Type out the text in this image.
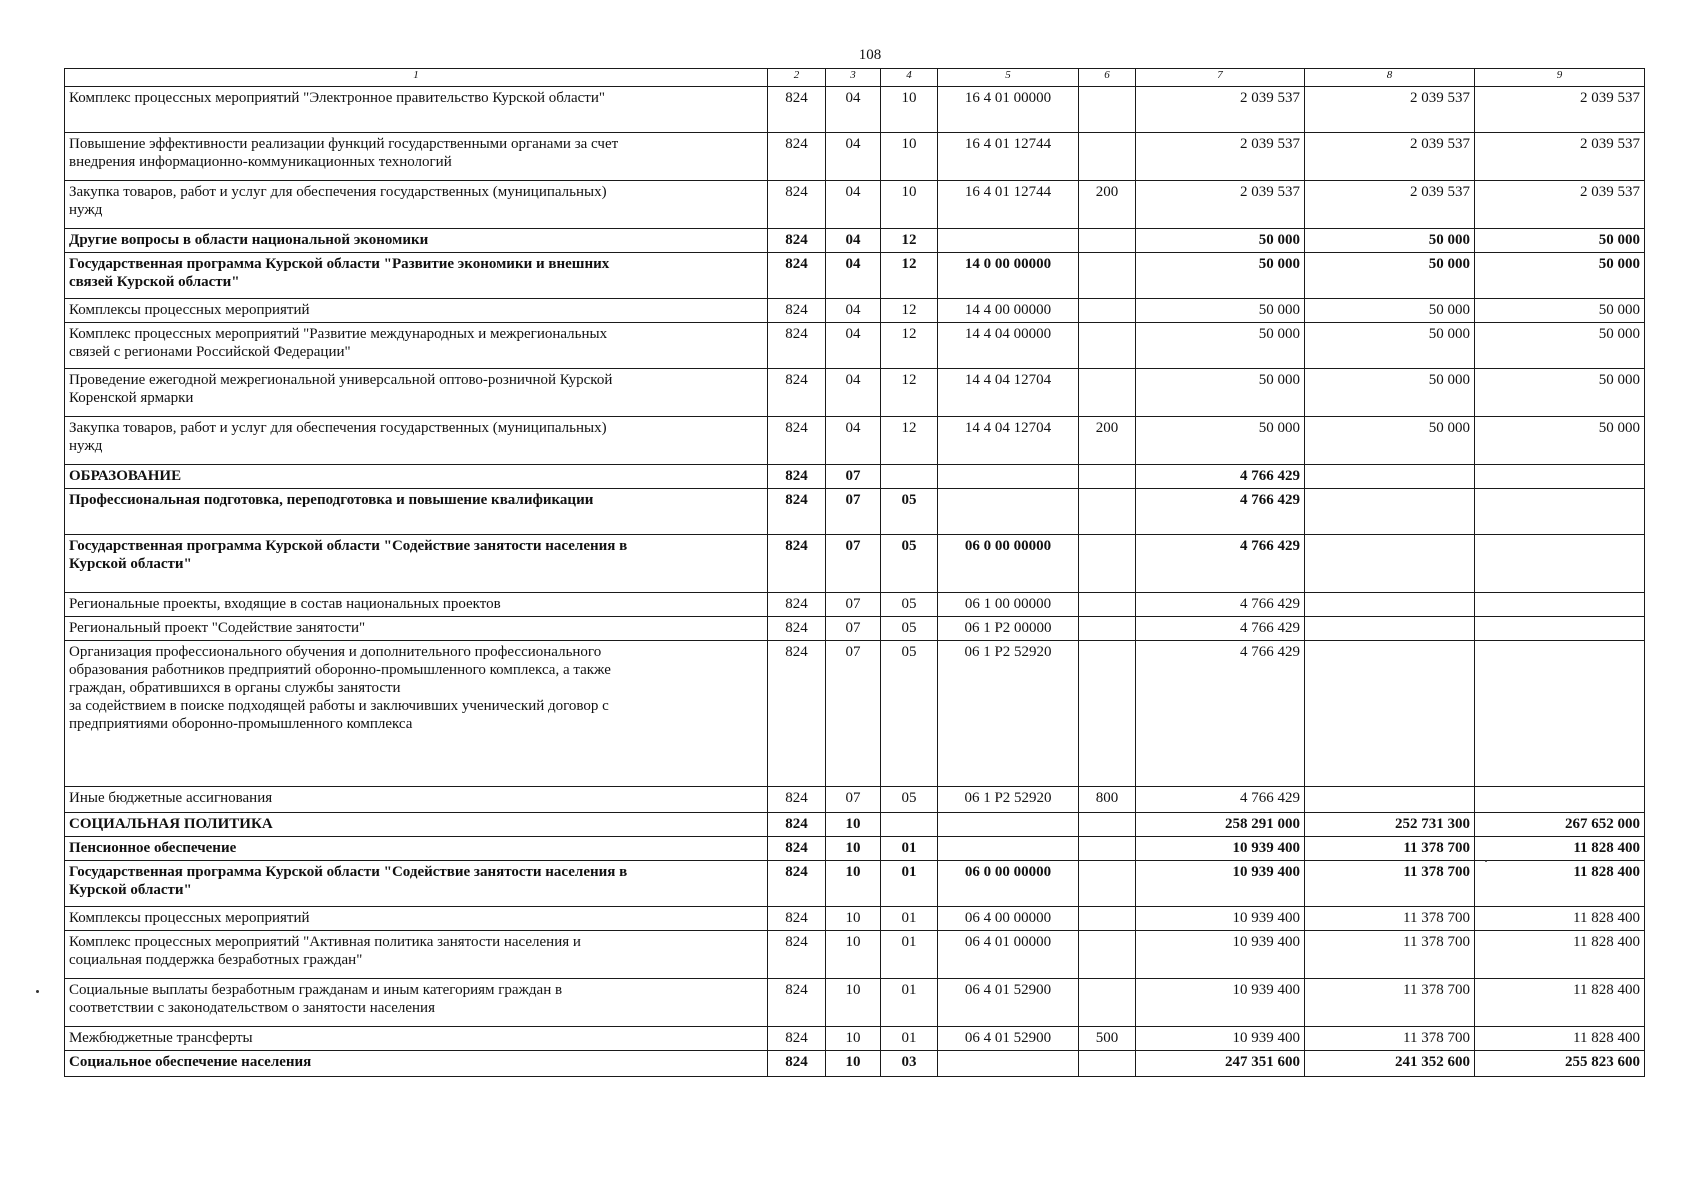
108
1	2	3	4	5	6	7	8	9
Комплекс процессных мероприятий "Электронное правительство Курской области"	824	04	10	16 4 01 00000		2 039 537	2 039 537	2 039 537
Повышение эффективности реализации функций государственными органами за счет
внедрения информационно-коммуникационных технологий	824	04	10	16 4 01 12744		2 039 537	2 039 537	2 039 537
Закупка товаров, работ и услуг для обеспечения государственных (муниципальных)
нужд	824	04	10	16 4 01 12744	200	2 039 537	2 039 537	2 039 537
Другие вопросы в области национальной экономики	824	04	12			50 000	50 000	50 000
Государственная программа Курской области "Развитие экономики и внешних
связей Курской области"	824	04	12	14 0 00 00000		50 000	50 000	50 000
Комплексы процессных мероприятий	824	04	12	14 4 00 00000		50 000	50 000	50 000
Комплекс процессных мероприятий "Развитие международных и межрегиональных
связей с регионами Российской Федерации"	824	04	12	14 4 04 00000		50 000	50 000	50 000
Проведение ежегодной межрегиональной универсальной оптово-розничной Курской
Коренской ярмарки	824	04	12	14 4 04 12704		50 000	50 000	50 000
Закупка товаров, работ и услуг для обеспечения государственных (муниципальных)
нужд	824	04	12	14 4 04 12704	200	50 000	50 000	50 000
ОБРАЗОВАНИЕ	824	07				4 766 429		
Профессиональная подготовка, переподготовка и повышение квалификации	824	07	05			4 766 429		
Государственная программа Курской области "Содействие занятости населения в
Курской области"	824	07	05	06 0 00 00000		4 766 429		
Региональные проекты, входящие в состав национальных проектов	824	07	05	06 1 00 00000		4 766 429		
Региональный проект "Содействие занятости"	824	07	05	06 1 P2 00000		4 766 429		
Организация профессионального обучения и дополнительного профессионального
образования работников предприятий оборонно-промышленного комплекса, а также
граждан, обратившихся в органы службы занятости
за содействием в поиске подходящей работы и заключивших ученический договор с
предприятиями оборонно-промышленного комплекса	824	07	05	06 1 P2 52920		4 766 429		
Иные бюджетные ассигнования	824	07	05	06 1 P2 52920	800	4 766 429		
СОЦИАЛЬНАЯ ПОЛИТИКА	824	10				258 291 000	252 731 300	267 652 000
Пенсионное обеспечение	824	10	01			10 939 400	11 378 700	11 828 400
Государственная программа Курской области "Содействие занятости населения в
Курской области"	824	10	01	06 0 00 00000		10 939 400	11 378 700	11 828 400
Комплексы процессных мероприятий	824	10	01	06 4 00 00000		10 939 400	11 378 700	11 828 400
Комплекс процессных мероприятий "Активная политика занятости населения и
социальная поддержка безработных граждан"	824	10	01	06 4 01 00000		10 939 400	11 378 700	11 828 400
Социальные выплаты безработным гражданам и иным категориям граждан в
соответствии с законодательством о занятости населения	824	10	01	06 4 01 52900		10 939 400	11 378 700	11 828 400
Межбюджетные трансферты	824	10	01	06 4 01 52900	500	10 939 400	11 378 700	11 828 400
Социальное обеспечение населения	824	10	03			247 351 600	241 352 600	255 823 600
